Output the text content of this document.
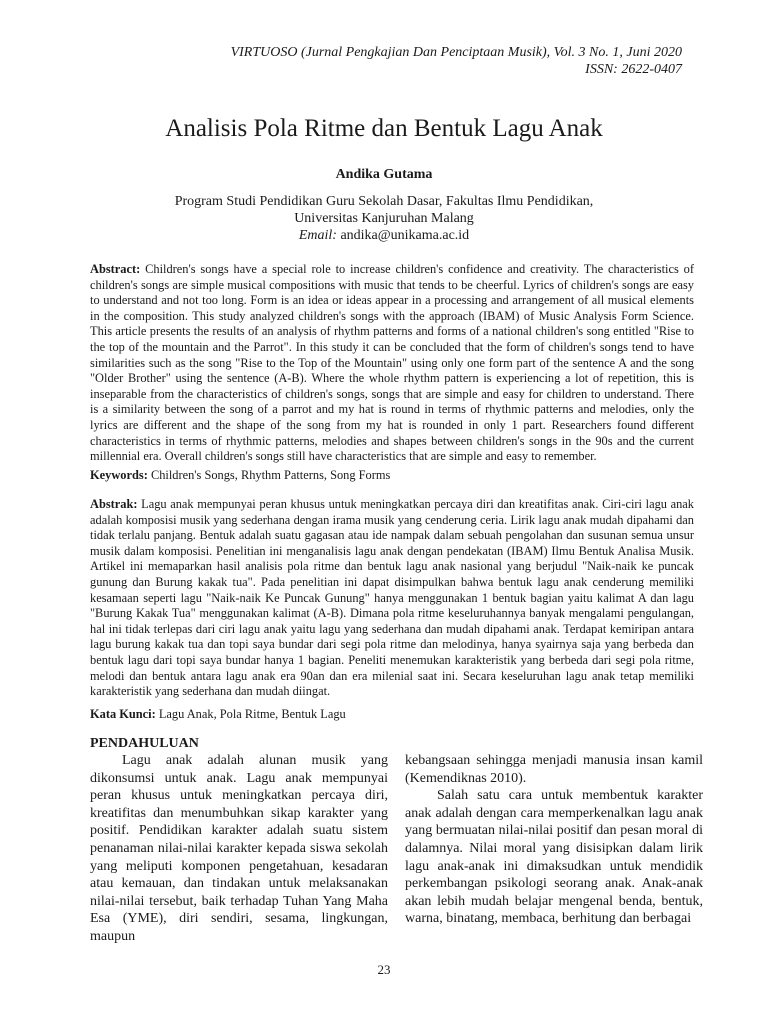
VIRTUOSO (Jurnal Pengkajian Dan Penciptaan Musik), Vol. 3 No. 1, Juni 2020
ISSN: 2622-0407
Analisis Pola Ritme dan Bentuk Lagu Anak
Andika Gutama
Program Studi Pendidikan Guru Sekolah Dasar, Fakultas Ilmu Pendidikan,
Universitas Kanjuruhan Malang
Email: andika@unikama.ac.id
Abstract: Children's songs have a special role to increase children's confidence and creativity. The characteristics of children's songs are simple musical compositions with music that tends to be cheerful. Lyrics of children's songs are easy to understand and not too long. Form is an idea or ideas appear in a processing and arrangement of all musical elements in the composition. This study analyzed children's songs with the approach (IBAM) of Music Analysis Form Science. This article presents the results of an analysis of rhythm patterns and forms of a national children's song entitled "Rise to the top of the mountain and the Parrot". In this study it can be concluded that the form of children's songs tend to have similarities such as the song "Rise to the Top of the Mountain" using only one form part of the sentence A and the song "Older Brother" using the sentence (A-B). Where the whole rhythm pattern is experiencing a lot of repetition, this is inseparable from the characteristics of children's songs, songs that are simple and easy for children to understand. There is a similarity between the song of a parrot and my hat is round in terms of rhythmic patterns and melodies, only the lyrics are different and the shape of the song from my hat is rounded in only 1 part. Researchers found different characteristics in terms of rhythmic patterns, melodies and shapes between children's songs in the 90s and the current millennial era. Overall children's songs still have characteristics that are simple and easy to remember.
Keywords: Children's Songs, Rhythm Patterns, Song Forms
Abstrak: Lagu anak mempunyai peran khusus untuk meningkatkan percaya diri dan kreatifitas anak. Ciri-ciri lagu anak adalah komposisi musik yang sederhana dengan irama musik yang cenderung ceria. Lirik lagu anak mudah dipahami dan tidak terlalu panjang. Bentuk adalah suatu gagasan atau ide nampak dalam sebuah pengolahan dan susunan semua unsur musik dalam komposisi. Penelitian ini menganalisis lagu anak dengan pendekatan (IBAM) Ilmu Bentuk Analisa Musik. Artikel ini memaparkan hasil analisis pola ritme dan bentuk lagu anak nasional yang berjudul "Naik-naik ke puncak gunung dan Burung kakak tua". Pada penelitian ini dapat disimpulkan bahwa bentuk lagu anak cenderung memiliki kesamaan seperti lagu "Naik-naik Ke Puncak Gunung" hanya menggunakan 1 bentuk bagian yaitu kalimat A dan lagu "Burung Kakak Tua" menggunakan kalimat (A-B). Dimana pola ritme keseluruhannya banyak mengalami pengulangan, hal ini tidak terlepas dari ciri lagu anak yaitu lagu yang sederhana dan mudah dipahami anak. Terdapat kemiripan antara lagu burung kakak tua dan topi saya bundar dari segi pola ritme dan melodinya, hanya syairnya saja yang berbeda dan bentuk lagu dari topi saya bundar hanya 1 bagian. Peneliti menemukan karakteristik yang berbeda dari segi pola ritme, melodi dan bentuk antara lagu anak era 90an dan era milenial saat ini. Secara keseluruhan lagu anak tetap memiliki karakteristik yang sederhana dan mudah diingat.
Kata Kunci: Lagu Anak, Pola Ritme, Bentuk Lagu

PENDAHULUAN

Lagu anak adalah alunan musik yang dikonsumsi untuk anak. Lagu anak mempunyai peran khusus untuk meningkatkan percaya diri, kreatifitas dan menumbuhkan sikap karakter yang positif. Pendidikan karakter adalah suatu sistem penanaman nilai-nilai karakter kepada siswa sekolah yang meliputi komponen pengetahuan, kesadaran atau kemauan, dan tindakan untuk melaksanakan nilai-nilai tersebut, baik terhadap Tuhan Yang Maha Esa (YME), diri sendiri, sesama, lingkungan, maupun

kebangsaan sehingga menjadi manusia insan kamil (Kemendiknas 2010).

Salah satu cara untuk membentuk karakter anak adalah dengan cara memperkenalkan lagu anak yang bermuatan nilai-nilai positif dan pesan moral di dalamnya. Nilai moral yang disisipkan dalam lirik lagu anak-anak ini dimaksudkan untuk mendidik perkembangan psikologi seorang anak. Anak-anak akan lebih mudah belajar mengenal benda, bentuk, warna, binatang, membaca, berhitung dan berbagai

23
